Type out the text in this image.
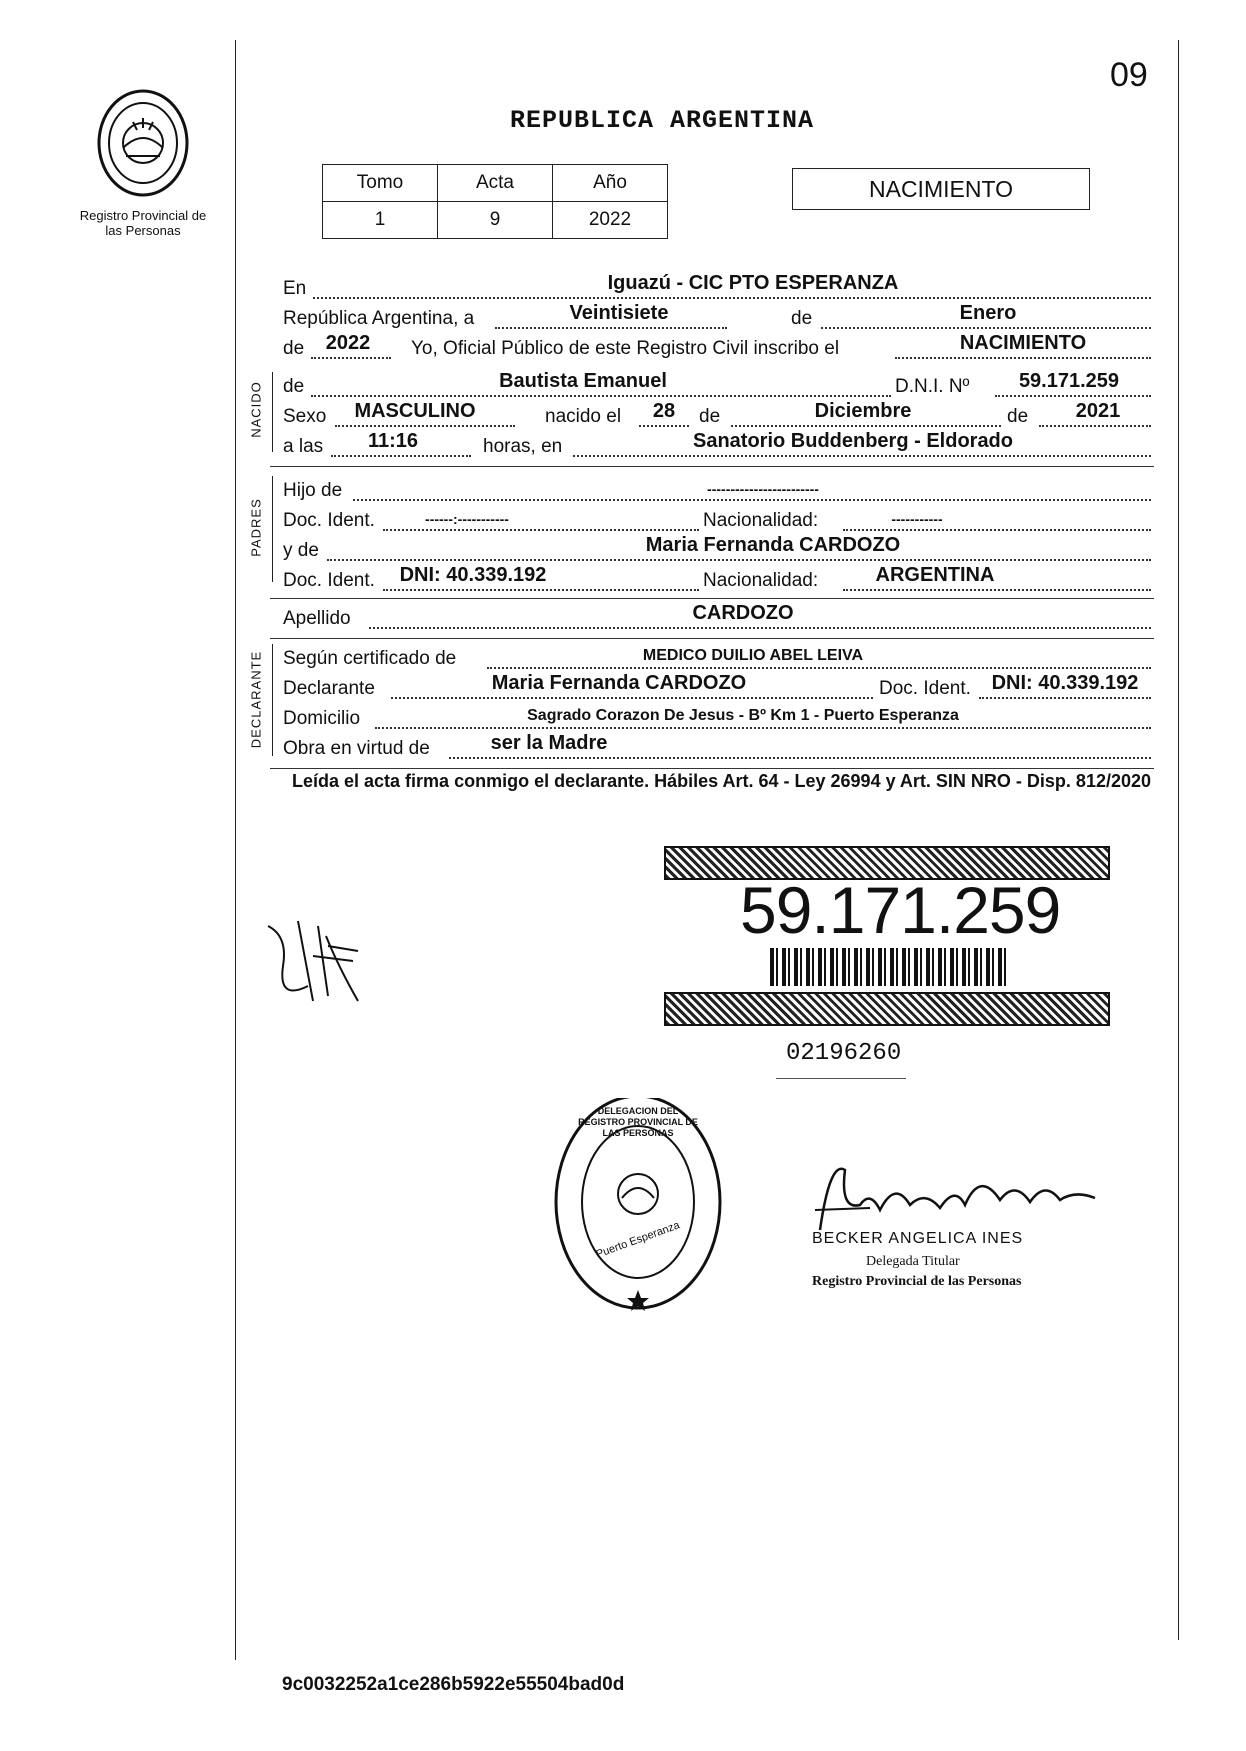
09
Registro Provincial de las Personas
REPUBLICA ARGENTINA
Tomo	Acta	Año
1	9	2022
NACIMIENTO
En	Iguazú - CIC PTO ESPERANZA
República Argentina, a	Veintisiete	de	Enero
de	2022	Yo, Oficial Público de este Registro Civil inscribo el	NACIMIENTO
NACIDO de	Bautista Emanuel	D.N.I. Nº	59.171.259
Sexo	MASCULINO	nacido el	28	de	Diciembre	de	2021
a las	11:16	horas, en	Sanatorio Buddenberg - Eldorado
PADRES
Hijo de	------------------------
Doc. Ident.	------:-----------	Nacionalidad:	-----------
y de	Maria Fernanda CARDOZO
Doc. Ident.	DNI: 40.339.192	Nacionalidad:	ARGENTINA
Apellido	CARDOZO
DECLARANTE Según certificado de	MEDICO DUILIO ABEL LEIVA
Declarante	Maria Fernanda CARDOZO	Doc. Ident.	DNI: 40.339.192
Domicilio	Sagrado Corazon De Jesus - Bº Km 1 - Puerto Esperanza
Obra en virtud de	ser la Madre
Leída el acta firma conmigo el declarante. Hábiles Art. 64 - Ley 26994 y Art. SIN NRO - Disp. 812/2020
59.171.259
02196260
DELEGACION DEL REGISTRO PROVINCIAL DE LAS PERSONAS
Puerto Esperanza	BECKER ANGELICA INES
Delegada Titular
Registro Provincial de las Personas
9c0032252a1ce286b5922e55504bad0d
